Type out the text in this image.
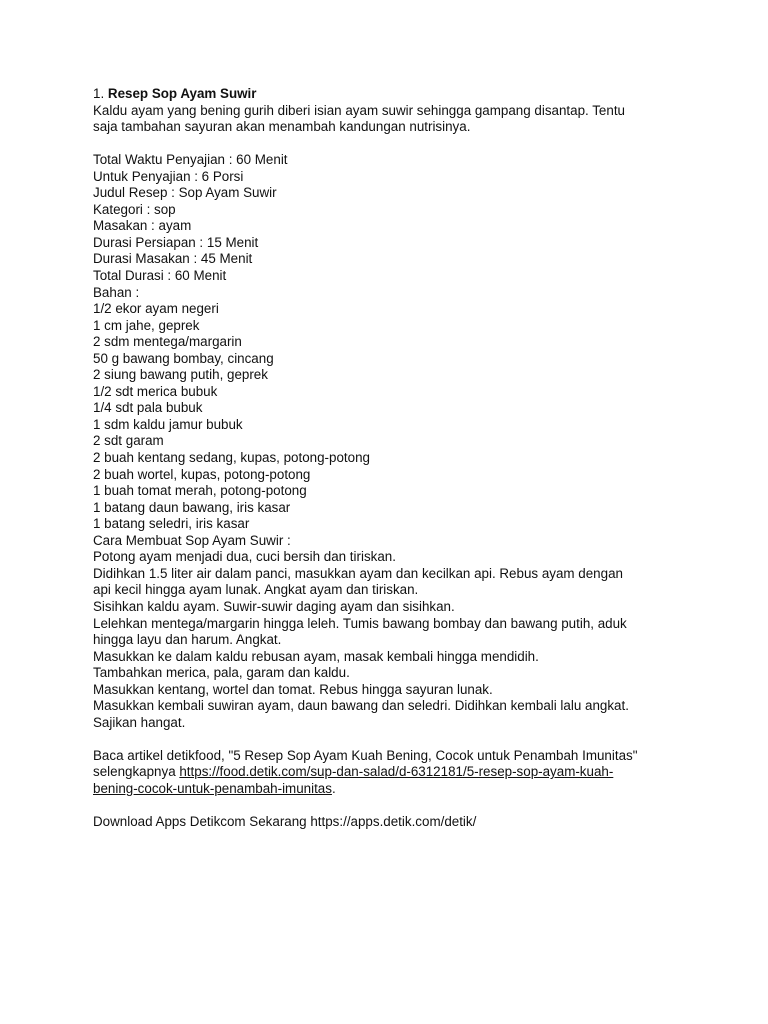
1. Resep Sop Ayam Suwir
Kaldu ayam yang bening gurih diberi isian ayam suwir sehingga gampang disantap. Tentu
saja tambahan sayuran akan menambah kandungan nutrisinya.
Total Waktu Penyajian : 60 Menit
Untuk Penyajian : 6 Porsi
Judul Resep : Sop Ayam Suwir
Kategori : sop
Masakan : ayam
Durasi Persiapan : 15 Menit
Durasi Masakan : 45 Menit
Total Durasi : 60 Menit
Bahan :
1/2 ekor ayam negeri
1 cm jahe, geprek
2 sdm mentega/margarin
50 g bawang bombay, cincang
2 siung bawang putih, geprek
1/2 sdt merica bubuk
1/4 sdt pala bubuk
1 sdm kaldu jamur bubuk
2 sdt garam
2 buah kentang sedang, kupas, potong-potong
2 buah wortel, kupas, potong-potong
1 buah tomat merah, potong-potong
1 batang daun bawang, iris kasar
1 batang seledri, iris kasar
Cara Membuat Sop Ayam Suwir :
Potong ayam menjadi dua, cuci bersih dan tiriskan.
Didihkan 1.5 liter air dalam panci, masukkan ayam dan kecilkan api. Rebus ayam dengan
api kecil hingga ayam lunak. Angkat ayam dan tiriskan.
Sisihkan kaldu ayam. Suwir-suwir daging ayam dan sisihkan.
Lelehkan mentega/margarin hingga leleh. Tumis bawang bombay dan bawang putih, aduk
hingga layu dan harum. Angkat.
Masukkan ke dalam kaldu rebusan ayam, masak kembali hingga mendidih.
Tambahkan merica, pala, garam dan kaldu.
Masukkan kentang, wortel dan tomat. Rebus hingga sayuran lunak.
Masukkan kembali suwiran ayam, daun bawang dan seledri. Didihkan kembali lalu angkat.
Sajikan hangat.
Baca artikel detikfood, "5 Resep Sop Ayam Kuah Bening, Cocok untuk Penambah Imunitas"
selengkapnya https://food.detik.com/sup-dan-salad/d-6312181/5-resep-sop-ayam-kuah-
bening-cocok-untuk-penambah-imunitas.
Download Apps Detikcom Sekarang https://apps.detik.com/detik/
